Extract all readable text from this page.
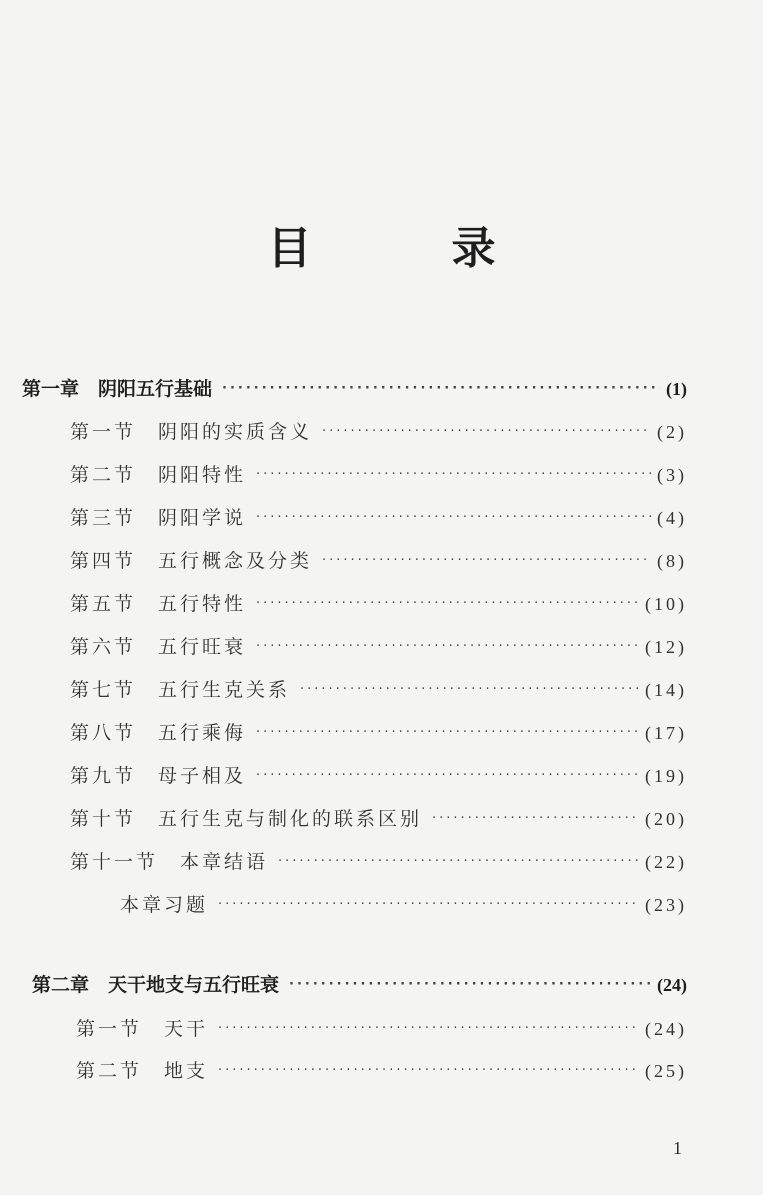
目　录
第一章　阴阳五行基础 ·····	(1)
第一节　阴阳的实质含义 ·····	(2)
第二节　阴阳特性 ·····	(3)
第三节　阴阳学说 ·····	(4)
第四节　五行概念及分类 ·····	(8)
第五节　五行特性 ·····	(10)
第六节　五行旺衰 ·····	(12)
第七节　五行生克关系 ·····	(14)
第八节　五行乘侮 ·····	(17)
第九节　母子相及 ·····	(19)
第十节　五行生克与制化的联系区别 ·····	(20)
第十一节　本章结语 ·····	(22)
本章习题 ·····	(23)
第二章　天干地支与五行旺衰 ·····	(24)
第一节　天干 ·····	(24)
第二节　地支 ·····	(25)
1
